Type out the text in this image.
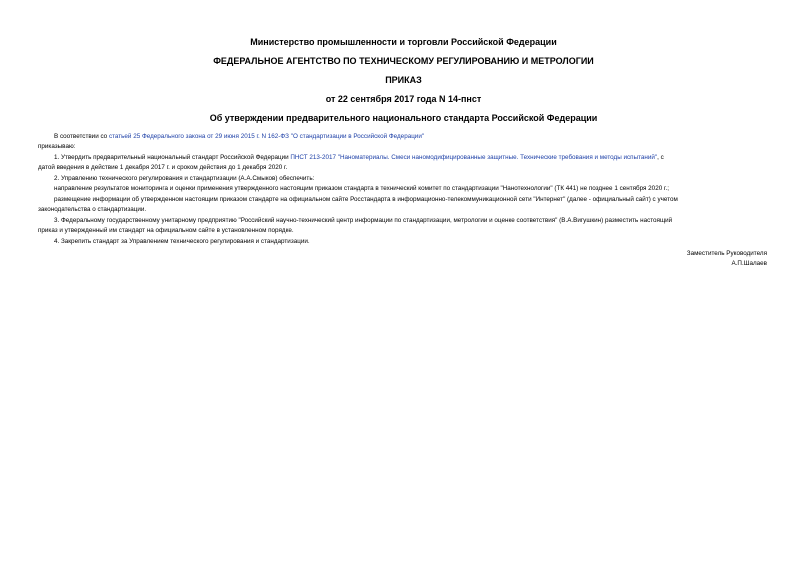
Министерство промышленности и торговли Российской Федерации
ФЕДЕРАЛЬНОЕ АГЕНТСТВО ПО ТЕХНИЧЕСКОМУ РЕГУЛИРОВАНИЮ И МЕТРОЛОГИИ
ПРИКАЗ
от 22 сентября 2017 года N 14-пнст
Об утверждении предварительного национального стандарта Российской Федерации
В соответствии со статьей 25 Федерального закона от 29 июня 2015 г. N 162-ФЗ "О стандартизации в Российской Федерации"
приказываю:
1. Утвердить предварительный национальный стандарт Российской Федерации ПНСТ 213-2017 "Наноматериалы. Смеси наномодифицированные защитные. Технические требования и методы испытаний", с
датой введения в действие 1 декабря 2017 г. и сроком действия до 1 декабря 2020 г.
2. Управлению технического регулирования и стандартизации (А.А.Смыков) обеспечить:
направление результатов мониторинга и оценки применения утвержденного настоящим приказом стандарта в технический комитет по стандартизации "Нанотехнологии" (ТК 441) не позднее 1 сентября 2020 г.;
размещение информации об утвержденном настоящим приказом стандарте на официальном сайте Росстандарта в информационно-телекоммуникационной сети "Интернет" (далее - официальный сайт) с учетом
законодательства о стандартизации.
3. Федеральному государственному унитарному предприятию "Российский научно-технический центр информации по стандартизации, метрологии и оценке соответствия" (В.А.Вигушкин) разместить настоящий
приказ и утвержденный им стандарт на официальном сайте в установленном порядке.
4. Закрепить стандарт за Управлением технического регулирования и стандартизации.
Заместитель Руководителя
А.П.Шалаев
